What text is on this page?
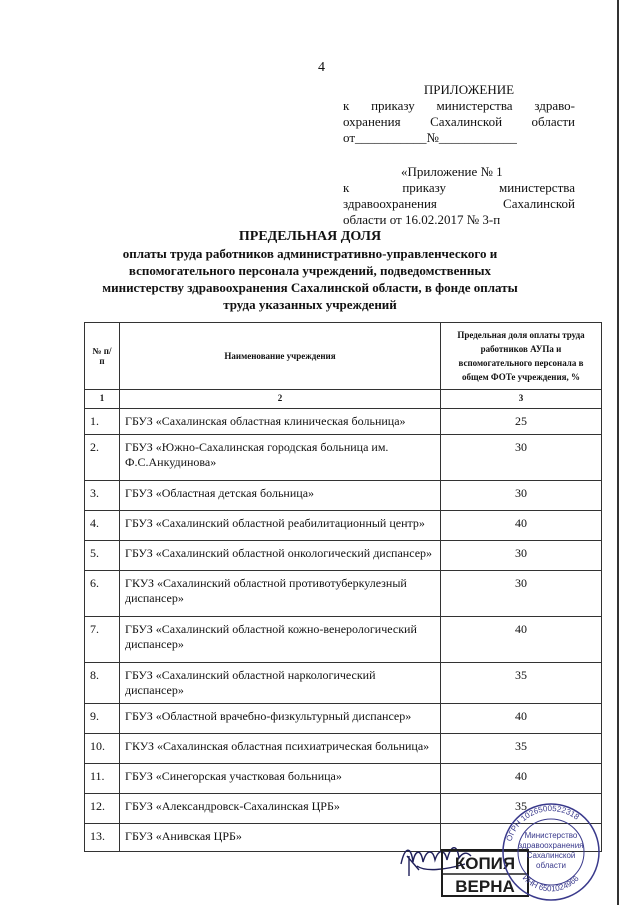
4
ПРИЛОЖЕНИЕ
к приказу министерства здраво-
охранения Сахалинской области
от___________№____________
«Приложение № 1
к приказу министерства
здравоохранения Сахалинской
области от 16.02.2017 № 3-п
ПРЕДЕЛЬНАЯ ДОЛЯ
оплаты труда работников административно-управленческого и
вспомогательного персонала учреждений, подведомственных
министерству здравоохранения Сахалинской области, в фонде оплаты
труда указанных учреждений
№ п/п	Наименование учреждения	Предельная доля оплаты труда работников АУПа и вспомогательного персонала в общем ФОТе учреждения, %
1	2	3
1.	ГБУЗ «Сахалинская областная клиническая больница»	25
2.	ГБУЗ «Южно-Сахалинская городская больница им. Ф.С.Анкудинова»	30
3.	ГБУЗ «Областная детская больница»	30
4.	ГБУЗ «Сахалинский областной реабилитационный центр»	40
5.	ГБУЗ «Сахалинский областной онкологический диспансер»	30
6.	ГКУЗ «Сахалинский областной противотуберкулезный диспансер»	30
7.	ГБУЗ «Сахалинский областной кожно-венерологический диспансер»	40
8.	ГБУЗ «Сахалинский областной наркологический диспансер»	35
9.	ГБУЗ «Областной врачебно-физкультурный диспансер»	40
10.	ГКУЗ «Сахалинская областная психиатрическая больница»	35
11.	ГБУЗ «Синегорская участковая больница»	40
12.	ГБУЗ «Александровск-Сахалинская ЦРБ»	35
13.	ГБУЗ «Анивская ЦРБ»	
КОПИЯ
ВЕРНА
ОГРН 1026500522318
ИНН 6501024966
Министерство
здравоохранения
Сахалинской
области
